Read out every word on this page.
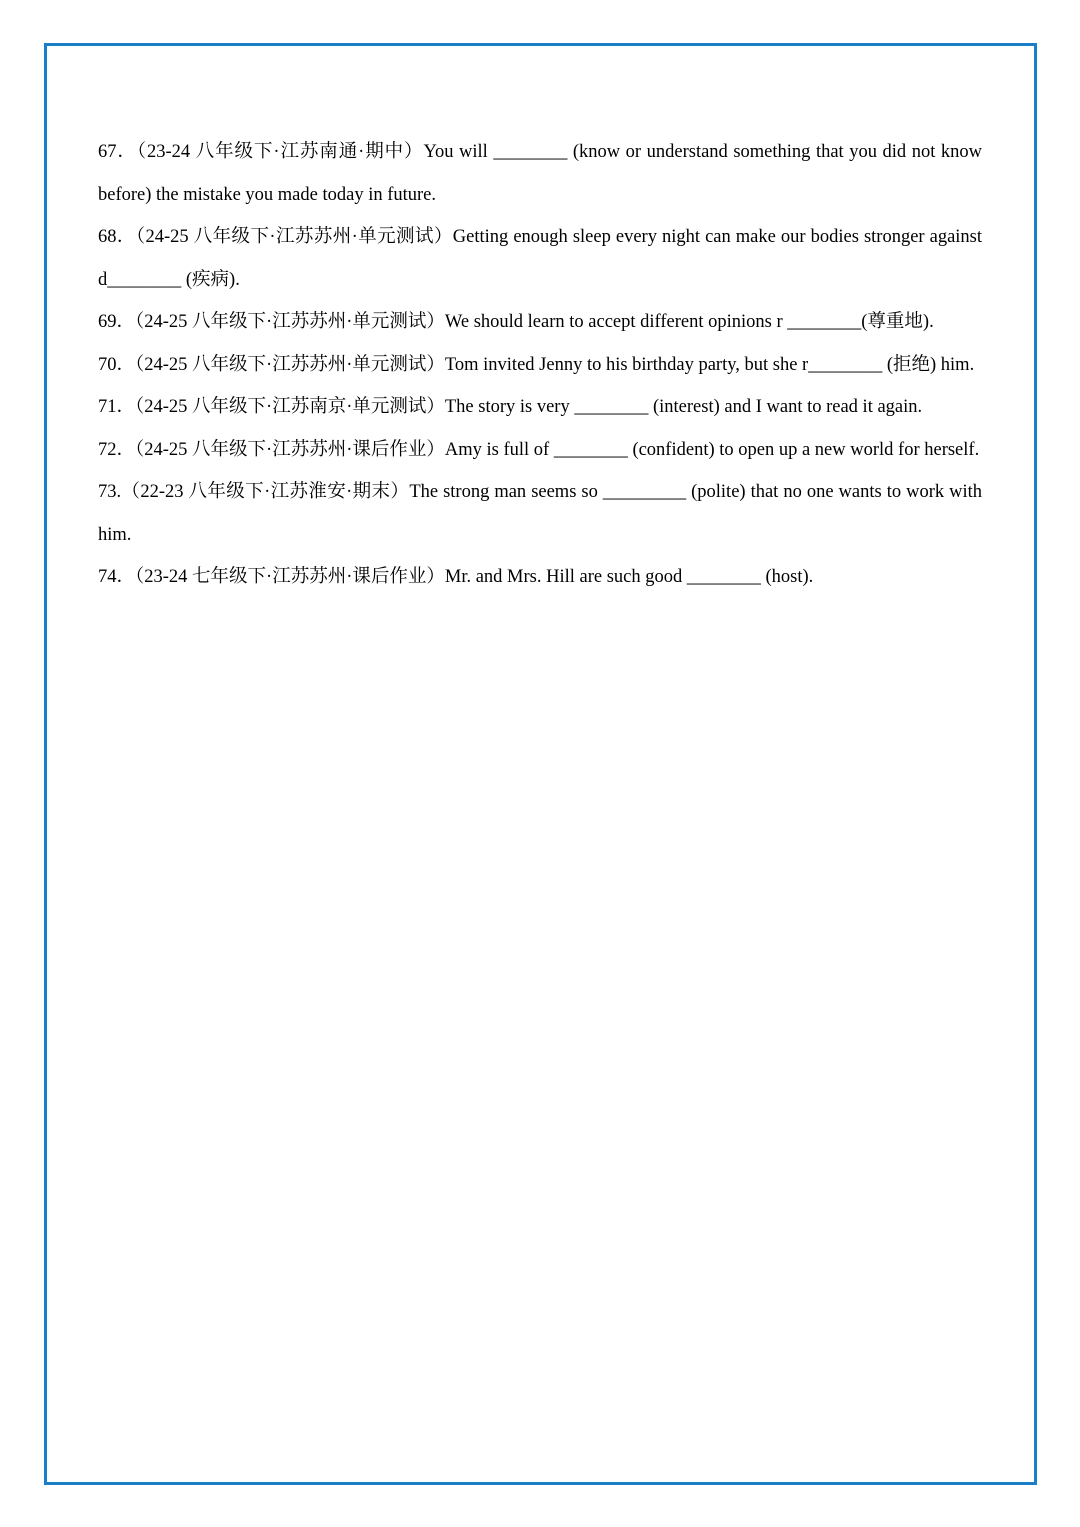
67．（23-24 八年级下·江苏南通·期中）You will ________ (know or understand something that you did not know before) the mistake you made today in future.
68．（24-25 八年级下·江苏苏州·单元测试）Getting enough sleep every night can make our bodies stronger against d________ (疾病).
69．（24-25 八年级下·江苏苏州·单元测试）We should learn to accept different opinions r ________(尊重地).
70．（24-25 八年级下·江苏苏州·单元测试）Tom invited Jenny to his birthday party, but she r________ (拒绝) him.
71．（24-25 八年级下·江苏南京·单元测试）The story is very ________ (interest) and I want to read it again.
72．（24-25 八年级下·江苏苏州·课后作业）Amy is full of ________ (confident) to open up a new world for herself.
73.（22-23 八年级下·江苏淮安·期末）The strong man seems so _________ (polite) that no one wants to work with him.
74．（23-24 七年级下·江苏苏州·课后作业）Mr. and Mrs. Hill are such good ________ (host).
